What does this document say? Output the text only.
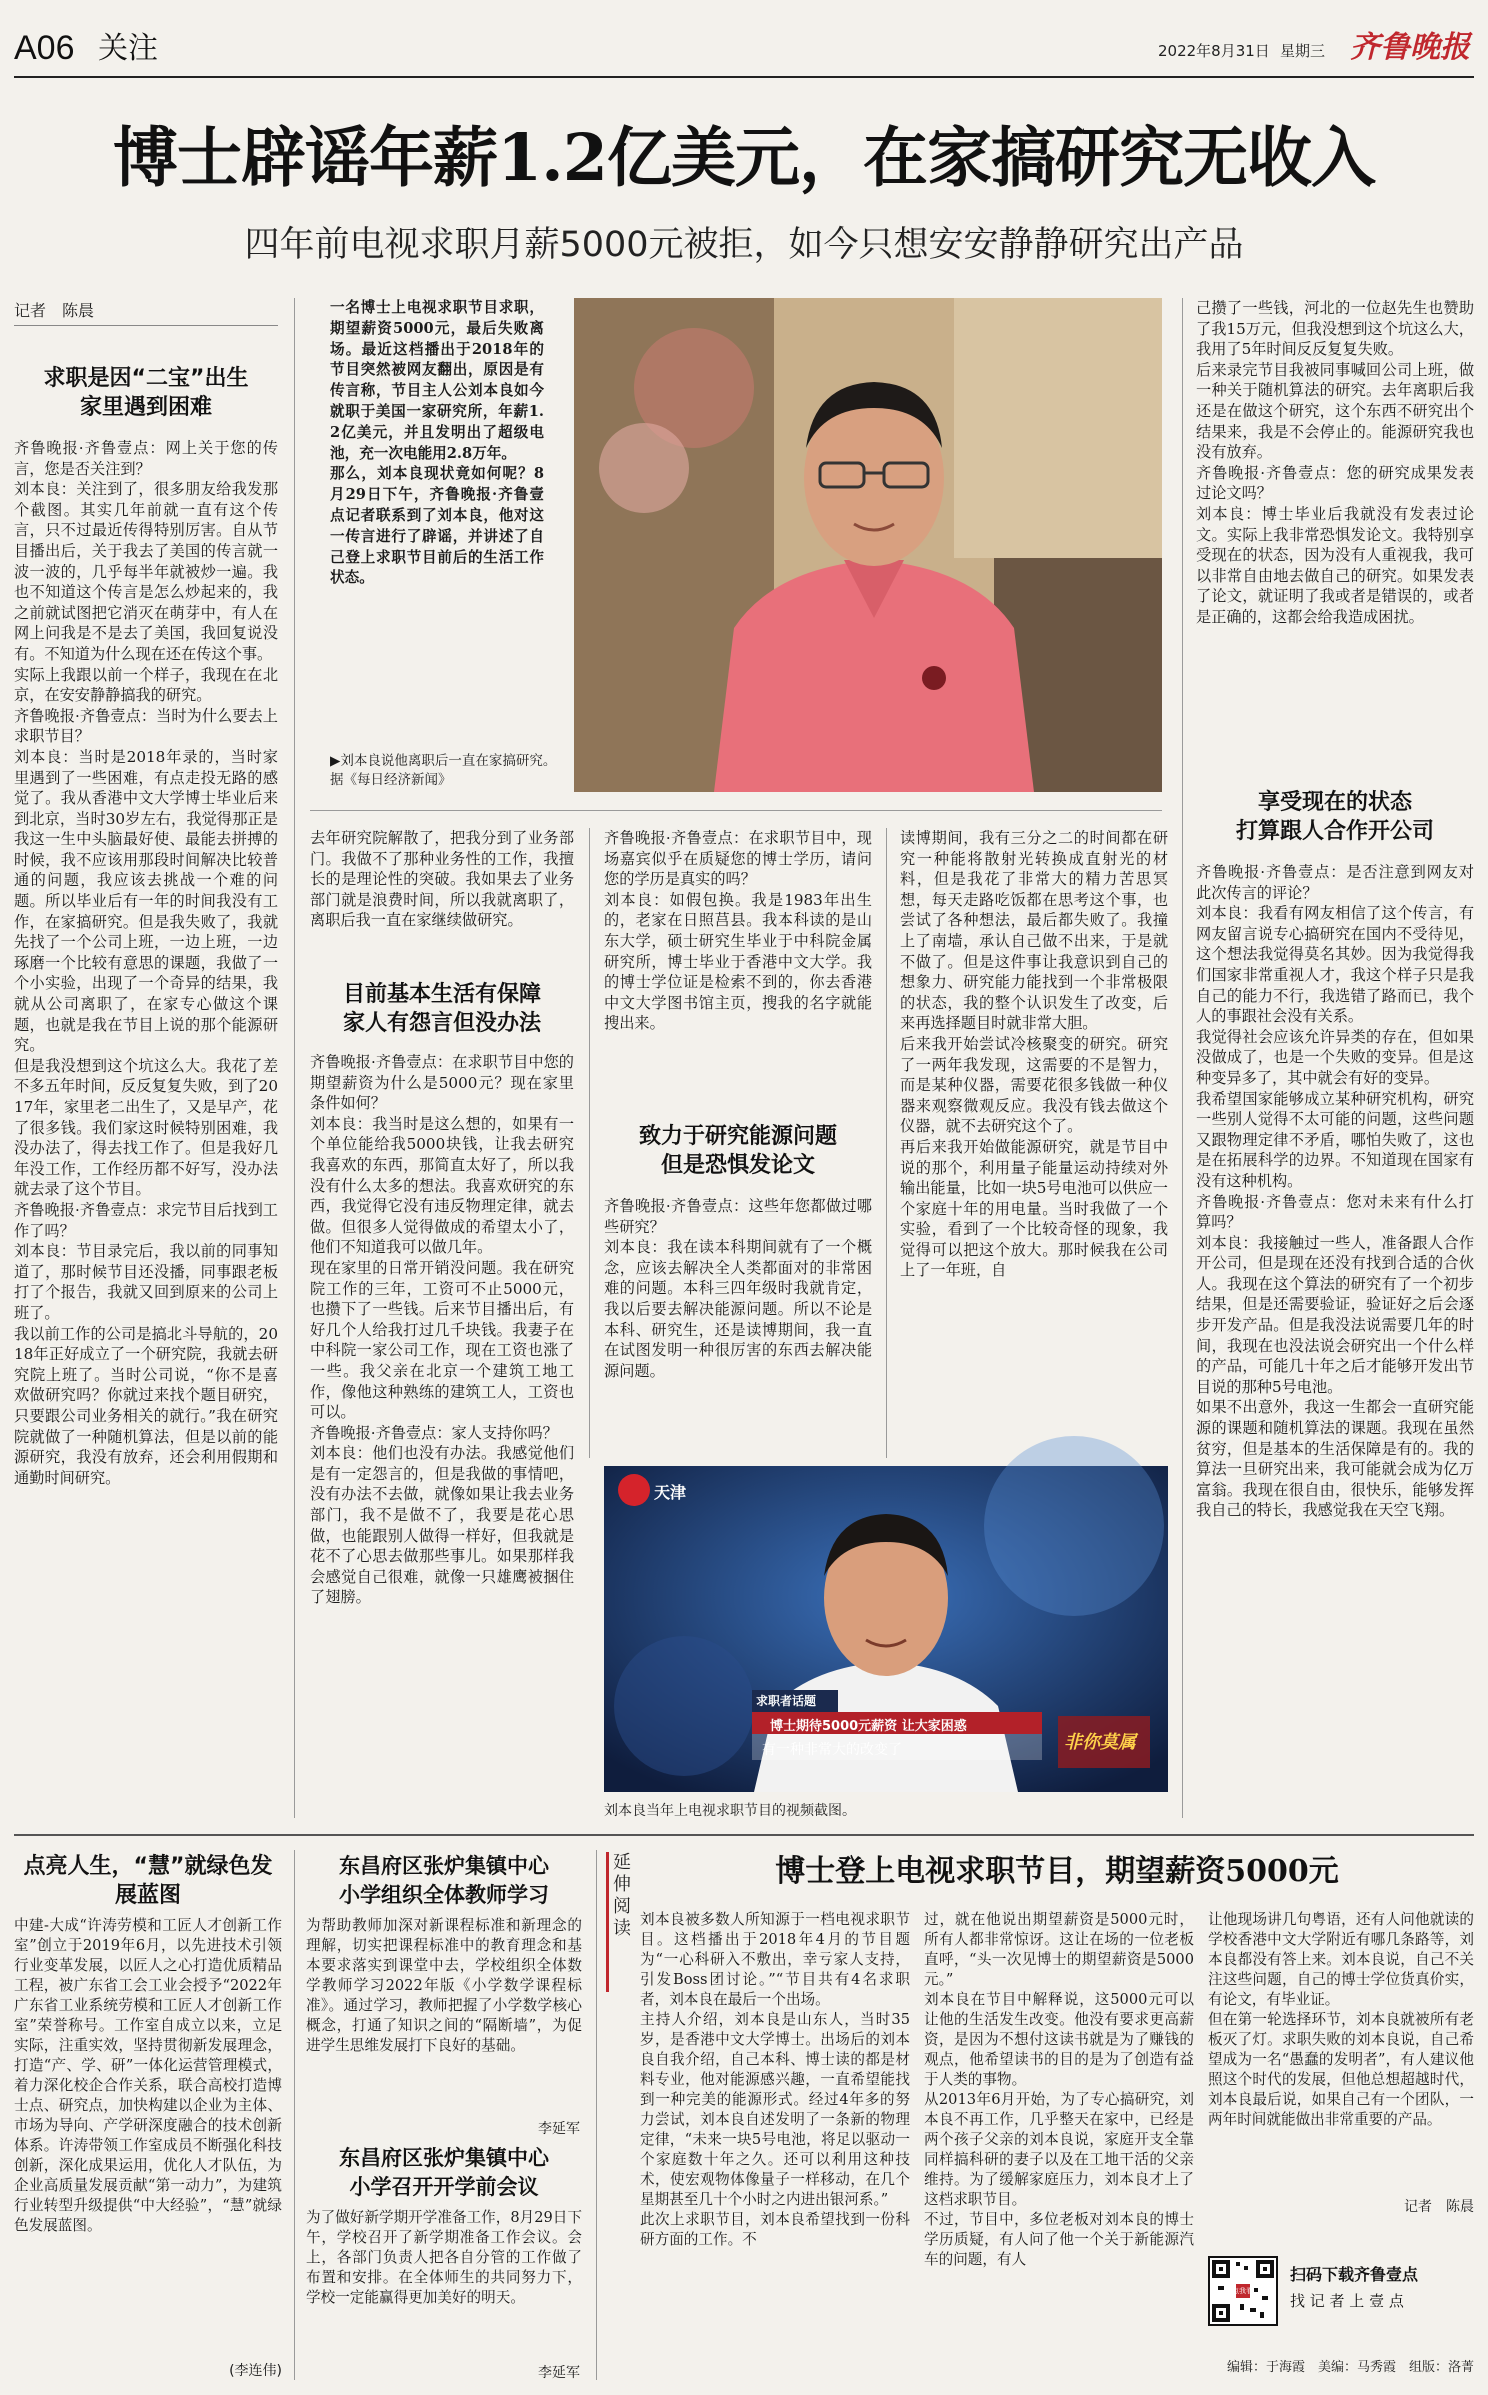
A06 关注	2022年8月31日 星期三 齐鲁晚报
博士辟谣年薪1.2亿美元，在家搞研究无收入
四年前电视求职月薪5000元被拒，如今只想安安静静研究出产品
记者　陈晨
求职是因“二宝”出生
家里遇到困难
齐鲁晚报·齐鲁壹点：网上关于您的传言，您是否关注到？
刘本良：关注到了，很多朋友给我发那个截图。其实几年前就一直有这个传言，只不过最近传得特别厉害。自从节目播出后，关于我去了美国的传言就一波一波的，几乎每半年就被炒一遍。我也不知道这个传言是怎么炒起来的，我之前就试图把它消灭在萌芽中，有人在网上问我是不是去了美国，我回复说没有。不知道为什么现在还在传这个事。
实际上我跟以前一个样子，我现在在北京，在安安静静搞我的研究。
齐鲁晚报·齐鲁壹点：当时为什么要去上求职节目？
刘本良：当时是2018年录的，当时家里遇到了一些困难，有点走投无路的感觉了。我从香港中文大学博士毕业后来到北京，当时30岁左右，我觉得那正是我这一生中头脑最好使、最能去拼搏的时候，我不应该用那段时间解决比较普通的问题，我应该去挑战一个难的问题。所以毕业后有一年的时间我没有工作，在家搞研究。但是我失败了，我就先找了一个公司上班，一边上班，一边琢磨一个比较有意思的课题，我做了一个小实验，出现了一个奇异的结果，我就从公司离职了，在家专心做这个课题，也就是我在节目上说的那个能源研究。
但是我没想到这个坑这么大。我花了差不多五年时间，反反复复失败，到了2017年，家里老二出生了，又是早产，花了很多钱。我们家这时候特别困难，我没办法了，得去找工作了。但是我好几年没工作，工作经历都不好写，没办法就去录了这个节目。
齐鲁晚报·齐鲁壹点：求完节目后找到工作了吗？
刘本良：节目录完后，我以前的同事知道了，那时候节目还没播，同事跟老板打了个报告，我就又回到原来的公司上班了。
我以前工作的公司是搞北斗导航的，2018年正好成立了一个研究院，我就去研究院上班了。当时公司说，“你不是喜欢做研究吗？你就过来找个题目研究，只要跟公司业务相关的就行。”我在研究院就做了一种随机算法，但是以前的能源研究，我没有放弃，还会利用假期和通勤时间研究。
一名博士上电视求职节目求职，期望薪资5000元，最后失败离场。最近这档播出于2018年的节目突然被网友翻出，原因是有传言称，节目主人公刘本良如今就职于美国一家研究所，年薪1.2亿美元，并且发明出了超级电池，充一次电能用2.8万年。
那么，刘本良现状竟如何呢？8月29日下午，齐鲁晚报·齐鲁壹点记者联系到了刘本良，他对这一传言进行了辟谣，并讲述了自己登上求职节目前后的生活工作状态。
▶刘本良说他离职后一直在家搞研究。　据《每日经济新闻》
去年研究院解散了，把我分到了业务部门。我做不了那种业务性的工作，我擅长的是理论性的突破。我如果去了业务部门就是浪费时间，所以我就离职了，离职后我一直在家继续做研究。
目前基本生活有保障
家人有怨言但没办法
齐鲁晚报·齐鲁壹点：在求职节目中您的期望薪资为什么是5000元？现在家里条件如何？
刘本良：我当时是这么想的，如果有一个单位能给我5000块钱，让我去研究我喜欢的东西，那简直太好了，所以我没有什么太多的想法。我喜欢研究的东西，我觉得它没有违反物理定律，就去做。但很多人觉得做成的希望太小了，他们不知道我可以做几年。
现在家里的日常开销没问题。我在研究院工作的三年，工资可不止5000元，也攒下了一些钱。后来节目播出后，有好几个人给我打过几千块钱。我妻子在中科院一家公司工作，现在工资也涨了一些。我父亲在北京一个建筑工地工作，像他这种熟练的建筑工人，工资也可以。
齐鲁晚报·齐鲁壹点：家人支持你吗？
刘本良：他们也没有办法。我感觉他们是有一定怨言的，但是我做的事情吧，没有办法不去做，就像如果让我去业务部门，我不是做不了，我要是花心思做，也能跟别人做得一样好，但我就是花不了心思去做那些事儿。如果那样我会感觉自己很难，就像一只雄鹰被捆住了翅膀。
齐鲁晚报·齐鲁壹点：在求职节目中，现场嘉宾似乎在质疑您的博士学历，请问您的学历是真实的吗？
刘本良：如假包换。我是1983年出生的，老家在日照莒县。我本科读的是山东大学，硕士研究生毕业于中科院金属研究所，博士毕业于香港中文大学。我的博士学位证是检索不到的，你去香港中文大学图书馆主页，搜我的名字就能搜出来。
致力于研究能源问题
但是恐惧发论文
齐鲁晚报·齐鲁壹点：这些年您都做过哪些研究？
刘本良：我在读本科期间就有了一个概念，应该去解决全人类都面对的非常困难的问题。本科三四年级时我就肯定，我以后要去解决能源问题。所以不论是本科、研究生，还是读博期间，我一直在试图发明一种很厉害的东西去解决能源问题。
读博期间，我有三分之二的时间都在研究一种能将散射光转换成直射光的材料，但是我花了非常大的精力苦思冥想，每天走路吃饭都在思考这个事，也尝试了各种想法，最后都失败了。我撞上了南墙，承认自己做不出来，于是就不做了。但是这件事让我意识到自己的想象力、研究能力能找到一个非常极限的状态，我的整个认识发生了改变，后来再选择题目时就非常大胆。
后来我开始尝试冷核聚变的研究。研究了一两年我发现，这需要的不是智力，而是某种仪器，需要花很多钱做一种仪器来观察微观反应。我没有钱去做这个仪器，就不去研究这个了。
再后来我开始做能源研究，就是节目中说的那个，利用量子能量运动持续对外输出能量，比如一块5号电池可以供应一个家庭十年的用电量。当时我做了一个实验，看到了一个比较奇怪的现象，我觉得可以把这个放大。那时候我在公司上了一年班，自
天津
求职者话题
博士期待5000元薪资 让大家困惑
有一种非常大的改变了	非你莫属
刘本良当年上电视求职节目的视频截图。
己攒了一些钱，河北的一位赵先生也赞助了我15万元，但我没想到这个坑这么大，我用了5年时间反反复复失败。
后来录完节目我被同事喊回公司上班，做一种关于随机算法的研究。去年离职后我还是在做这个研究，这个东西不研究出个结果来，我是不会停止的。能源研究我也没有放弃。
齐鲁晚报·齐鲁壹点：您的研究成果发表过论文吗？
刘本良：博士毕业后我就没有发表过论文。实际上我非常恐惧发论文。我特别享受现在的状态，因为没有人重视我，我可以非常自由地去做自己的研究。如果发表了论文，就证明了我或者是错误的，或者是正确的，这都会给我造成困扰。
享受现在的状态
打算跟人合作开公司
齐鲁晚报·齐鲁壹点：是否注意到网友对此次传言的评论？
刘本良：我看有网友相信了这个传言，有网友留言说专心搞研究在国内不受待见，这个想法我觉得莫名其妙。因为我觉得我们国家非常重视人才，我这个样子只是我自己的能力不行，我选错了路而已，我个人的事跟社会没有关系。
我觉得社会应该允许异类的存在，但如果没做成了，也是一个失败的变异。但是这种变异多了，其中就会有好的变异。
我希望国家能够成立某种研究机构，研究一些别人觉得不太可能的问题，这些问题又跟物理定律不矛盾，哪怕失败了，这也是在拓展科学的边界。不知道现在国家有没有这种机构。
齐鲁晚报·齐鲁壹点：您对未来有什么打算吗？
刘本良：我接触过一些人，准备跟人合作开公司，但是现在还没有找到合适的合伙人。我现在这个算法的研究有了一个初步结果，但是还需要验证，验证好之后会逐步开发产品。但是我没法说需要几年的时间，我现在也没法说会研究出一个什么样的产品，可能几十年之后才能够开发出节目说的那种5号电池。
如果不出意外，我这一生都会一直研究能源的课题和随机算法的课题。我现在虽然贫穷，但是基本的生活保障是有的。我的算法一旦研究出来，我可能就会成为亿万富翁。我现在很自由，很快乐，能够发挥我自己的特长，我感觉我在天空飞翔。
点亮人生，“慧”就绿色发展蓝图
中建-大成“许涛劳模和工匠人才创新工作室”创立于2019年6月，以先进技术引领行业变革发展，以匠人之心打造优质精品工程，被广东省工会工业会授予“2022年广东省工业系统劳模和工匠人才创新工作室”荣誉称号。工作室自成立以来，立足实际，注重实效，坚持贯彻新发展理念，打造“产、学、研”一体化运营管理模式，着力深化校企合作关系，联合高校打造博士点、研究点，加快构建以企业为主体、市场为导向、产学研深度融合的技术创新体系。许涛带领工作室成员不断强化科技创新，深化成果运用，优化人才队伍，为企业高质量发展贡献“第一动力”，为建筑行业转型升级提供“中大经验”，“慧”就绿色发展蓝图。
(李连伟)
东昌府区张炉集镇中心
小学组织全体教师学习
为帮助教师加深对新课程标准和新理念的理解，切实把课程标准中的教育理念和基本要求落实到课堂中去，学校组织全体数学教师学习2022年版《小学数学课程标准》。通过学习，教师把握了小学数学核心概念，打通了知识之间的“隔断墙”，为促进学生思维发展打下良好的基础。
李延军
东昌府区张炉集镇中心
小学召开开学前会议
为了做好新学期开学准备工作，8月29日下午，学校召开了新学期准备工作会议。会上，各部门负责人把各自分管的工作做了布置和安排。在全体师生的共同努力下，学校一定能赢得更加美好的明天。
李延军
延伸阅读
博士登上电视求职节目，期望薪资5000元
刘本良被多数人所知源于一档电视求职节目。这档播出于2018年4月的节目题为“一心科研入不敷出，幸亏家人支持，引发Boss团讨论。”“节目共有4名求职者，刘本良在最后一个出场。
主持人介绍，刘本良是山东人，当时35岁，是香港中文大学博士。出场后的刘本良自我介绍，自己本科、博士读的都是材料专业，他对能源感兴趣，一直希望能找到一种完美的能源形式。经过4年多的努力尝试，刘本良自述发明了一条新的物理定律，“未来一块5号电池，将足以驱动一个家庭数十年之久。还可以利用这种技术，使宏观物体像量子一样移动，在几个星期甚至几十个小时之内进出银河系。”
此次上求职节目，刘本良希望找到一份科研方面的工作。不
过，就在他说出期望薪资是5000元时，所有人都非常惊讶。这让在场的一位老板直呼，“头一次见博士的期望薪资是5000元。”
刘本良在节目中解释说，这5000元可以让他的生活发生改变。他没有要求更高薪资，是因为不想付这读书就是为了赚钱的观点，他希望读书的目的是为了创造有益于人类的事物。
从2013年6月开始，为了专心搞研究，刘本良不再工作，几乎整天在家中，已经是两个孩子父亲的刘本良说，家庭开支全靠同样搞科研的妻子以及在工地干活的父亲维持。为了缓解家庭压力，刘本良才上了这档求职节目。
不过，节目中，多位老板对刘本良的博士学历质疑，有人问了他一个关于新能源汽车的问题，有人
让他现场讲几句粤语，还有人问他就读的学校香港中文大学附近有哪几条路等，刘本良都没有答上来。刘本良说，自己不关注这些问题，自己的博士学位货真价实，有论文，有毕业证。
但在第一轮选择环节，刘本良就被所有老板灭了灯。求职失败的刘本良说，自己希望成为一名“愚蠢的发明者”，有人建议他照这个时代的发展，但他总想超越时代，刘本良最后说，如果自己有一个团队，一两年时间就能做出非常重要的产品。
记者　陈晨
点我看
扫码下载齐鲁壹点
找 记 者 上 壹 点
编辑：于海霞　美编：马秀霞　组版：洛菁
